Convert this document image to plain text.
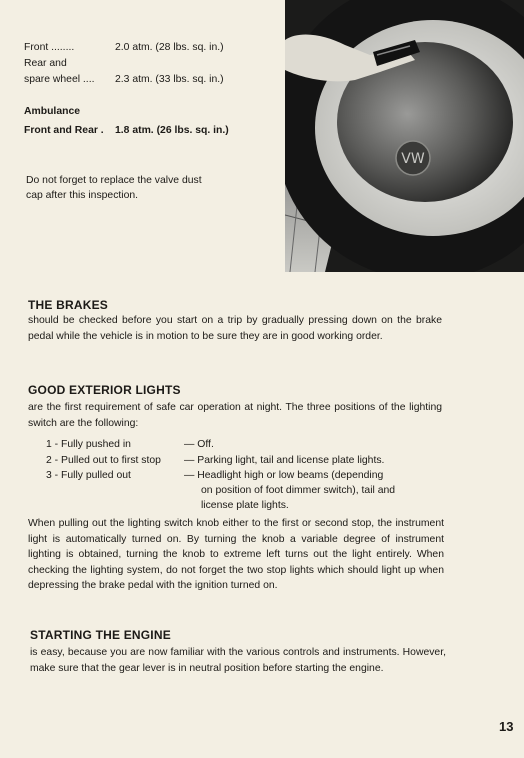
Front ........	2.0 atm. (28 lbs. sq. in.)
Rear and
spare wheel .... 2.3 atm. (33 lbs. sq. in.)
Ambulance
Front and Rear . 1.8 atm. (26 lbs. sq. in.)
Do not forget to replace the valve dust
cap after this inspection.
VW
THE BRAKES
should be checked before you start on a trip by gradually pressing down on the brake pedal while the vehicle is in motion to be sure they are in good working order.
GOOD EXTERIOR LIGHTS
are the first requirement of safe car operation at night. The three positions of the lighting switch are the following:
1 - Fully pushed in	— Off.
2 - Pulled out to first stop — Parking light, tail and license plate lights.
3 - Fully pulled out	— Headlight high or low beams (depending
on position of foot dimmer switch), tail and
license plate lights.
When pulling out the lighting switch knob either to the first or second stop, the instrument light is automatically turned on. By turning the knob a variable degree of instrument lighting is obtained, turning the knob to extreme left turns out the light entirely. When checking the lighting system, do not forget the two stop lights which should light up when depressing the brake pedal with the ignition turned on.
STARTING THE ENGINE
is easy, because you are now familiar with the various controls and instruments. However, make sure that the gear lever is in neutral position before starting the engine.
13
